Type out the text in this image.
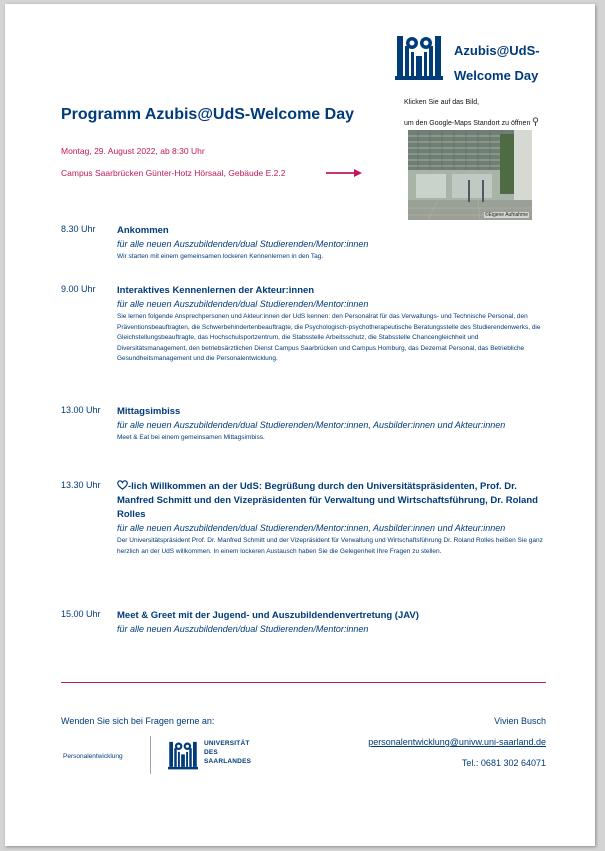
Azubis@UdS-
Welcome Day
Klicken Sie auf das Bild,
um den Google-Maps Standort zu öffnen
©Eigene Aufnahme
Programm Azubis@UdS-Welcome Day
Montag, 29. August 2022, ab 8:30 Uhr
Campus Saarbrücken Günter-Hotz Hörsaal, Gebäude E.2.2
8.30 Uhr Ankommen
für alle neuen Auszubildenden/dual Studierenden/Mentor:innen
Wir starten mit einem gemeinsamen lockeren Kennenlernen in den Tag.
9.00 Uhr Interaktives Kennenlernen der Akteur:innen
für alle neuen Auszubildenden/dual Studierenden/Mentor:innen
Sie lernen folgende Ansprechpersonen und Akteur:innen der UdS kennen: den Personalrat für das Verwaltungs- und Technische Personal, den Präventionsbeauftragten, die Schwerbehindertenbeauftragte, die Psychologisch-psychotherapeutische Beratungsstelle des Studierendenwerks, die Gleichstellungsbeauftragte, das Hochschulsportzentrum, die Stabsstelle Arbeitsschutz, die Stabsstelle Chancengleichheit und Diversitätsmanagement, den betriebsärztlichen Dienst Campus Saarbrücken und Campus Homburg, das Dezernat Personal, das Betriebliche Gesundheitsmanagement und die Personalentwicklung.
13.00 Uhr Mittagsimbiss
für alle neuen Auszubildenden/dual Studierenden/Mentor:innen, Ausbilder:innen und Akteur:innen
Meet & Eat bei einem gemeinsamen Mittagsimbiss.
13.30 Uhr	-lich Willkommen an der UdS: Begrüßung durch den Universitätspräsidenten, Prof. Dr. Manfred Schmitt und den Vizepräsidenten für Verwaltung und Wirtschaftsführung, Dr. Roland Rolles
für alle neuen Auszubildenden/dual Studierenden/Mentor:innen, Ausbilder:innen und Akteur:innen
Der Universitätspräsident Prof. Dr. Manfred Schmitt und der Vizepräsident für Verwaltung und Wirtschaftsführung Dr. Roland Rolles heißen Sie ganz herzlich an der UdS willkommen. In einem lockeren Austausch haben Sie die Gelegenheit Ihre Fragen zu stellen.
15.00 Uhr Meet & Greet mit der Jugend- und Auszubildendenvertretung (JAV)
für alle neuen Auszubildenden/dual Studierenden/Mentor:innen
Wenden Sie sich bei Fragen gerne an:	Vivien Busch
personalentwicklung@univw.uni-saarland.de
Tel.: 0681 302 64071
Personalentwicklung
UNIVERSITÄT
DES
SAARLANDES
